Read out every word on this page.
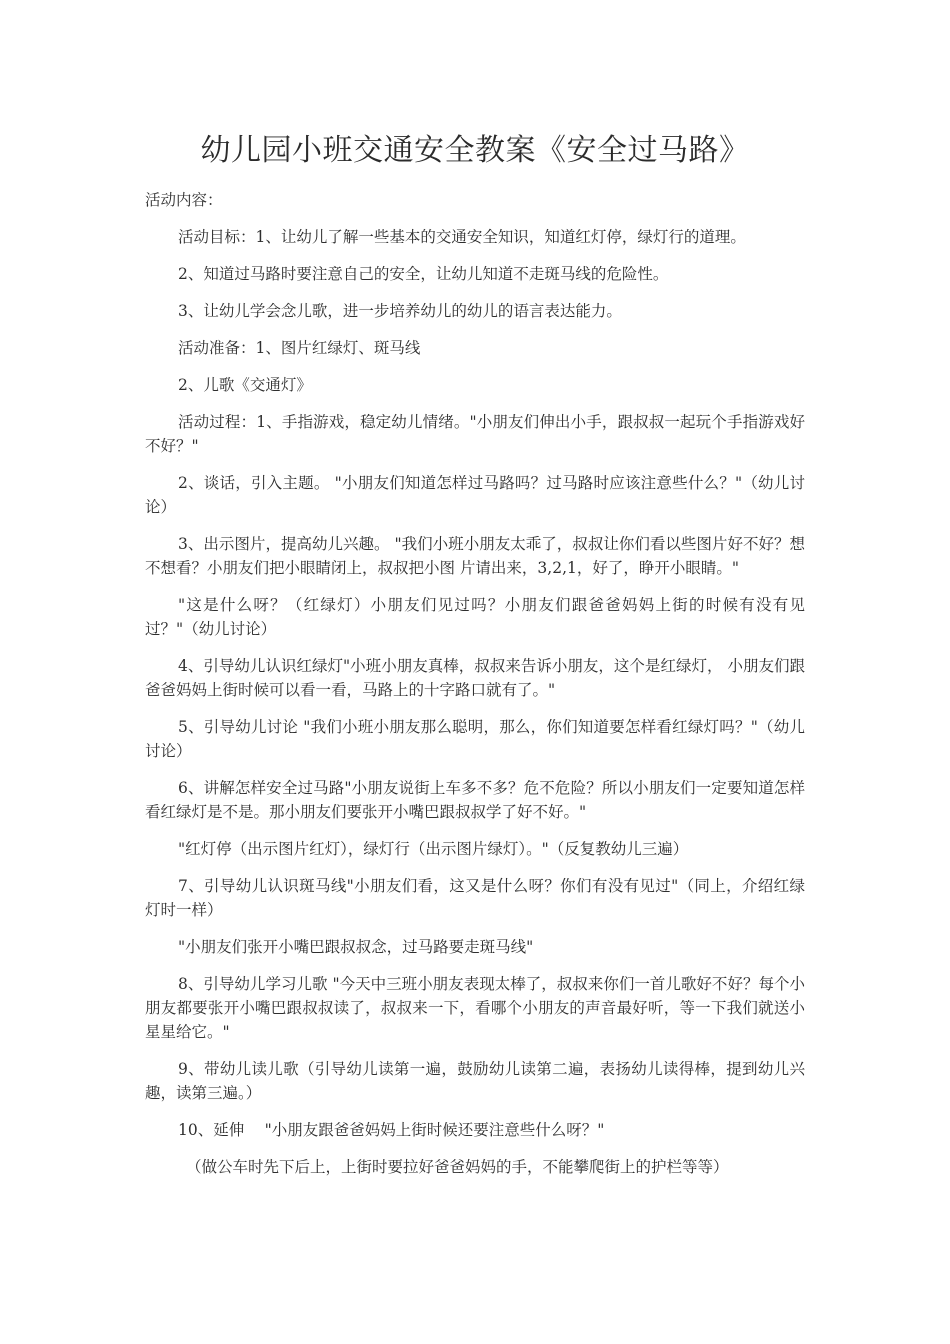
幼儿园小班交通安全教案《安全过马路》

活动内容：

活动目标：1、让幼儿了解一些基本的交通安全知识，知道红灯停，绿灯行的道理。

2、知道过马路时要注意自己的安全，让幼儿知道不走斑马线的危险性。

3、让幼儿学会念儿歌，进一步培养幼儿的幼儿的语言表达能力。

活动准备：1、图片红绿灯、斑马线

2、儿歌《交通灯》

活动过程：1、手指游戏，稳定幼儿情绪。"小朋友们伸出小手，跟叔叔一起玩个手指游戏好不好？"

2、谈话，引入主题。 "小朋友们知道怎样过马路吗？过马路时应该注意些什么？"（幼儿讨论）

3、出示图片，提高幼儿兴趣。 "我们小班小朋友太乖了，叔叔让你们看以些图片好不好？想不想看？小朋友们把小眼睛闭上，叔叔把小图 片请出来，3,2,1，好了，睁开小眼睛。"

"这是什么呀？（红绿灯）小朋友们见过吗？小朋友们跟爸爸妈妈上街的时候有没有见过？"（幼儿讨论）

4、引导幼儿认识红绿灯"小班小朋友真棒，叔叔来告诉小朋友，这个是红绿灯， 小朋友们跟爸爸妈妈上街时候可以看一看，马路上的十字路口就有了。"

5、引导幼儿讨论 "我们小班小朋友那么聪明，那么，你们知道要怎样看红绿灯吗？"（幼儿讨论）

6、讲解怎样安全过马路"小朋友说街上车多不多？危不危险？所以小朋友们一定要知道怎样看红绿灯是不是。那小朋友们要张开小嘴巴跟叔叔学了好不好。"

"红灯停（出示图片红灯），绿灯行（出示图片绿灯）。"（反复教幼儿三遍）

7、引导幼儿认识斑马线"小朋友们看，这又是什么呀？你们有没有见过"（同上，介绍红绿灯时一样）

"小朋友们张开小嘴巴跟叔叔念，过马路要走斑马线"

8、引导幼儿学习儿歌 "今天中三班小朋友表现太棒了，叔叔来你们一首儿歌好不好？每个小朋友都要张开小嘴巴跟叔叔读了，叔叔来一下，看哪个小朋友的声音最好听，等一下我们就送小星星给它。"

9、带幼儿读儿歌（引导幼儿读第一遍，鼓励幼儿读第二遍，表扬幼儿读得棒，提到幼儿兴趣，读第三遍。）

10、延伸　 "小朋友跟爸爸妈妈上街时候还要注意些什么呀？"

（做公车时先下后上，上街时要拉好爸爸妈妈的手，不能攀爬街上的护栏等等）
